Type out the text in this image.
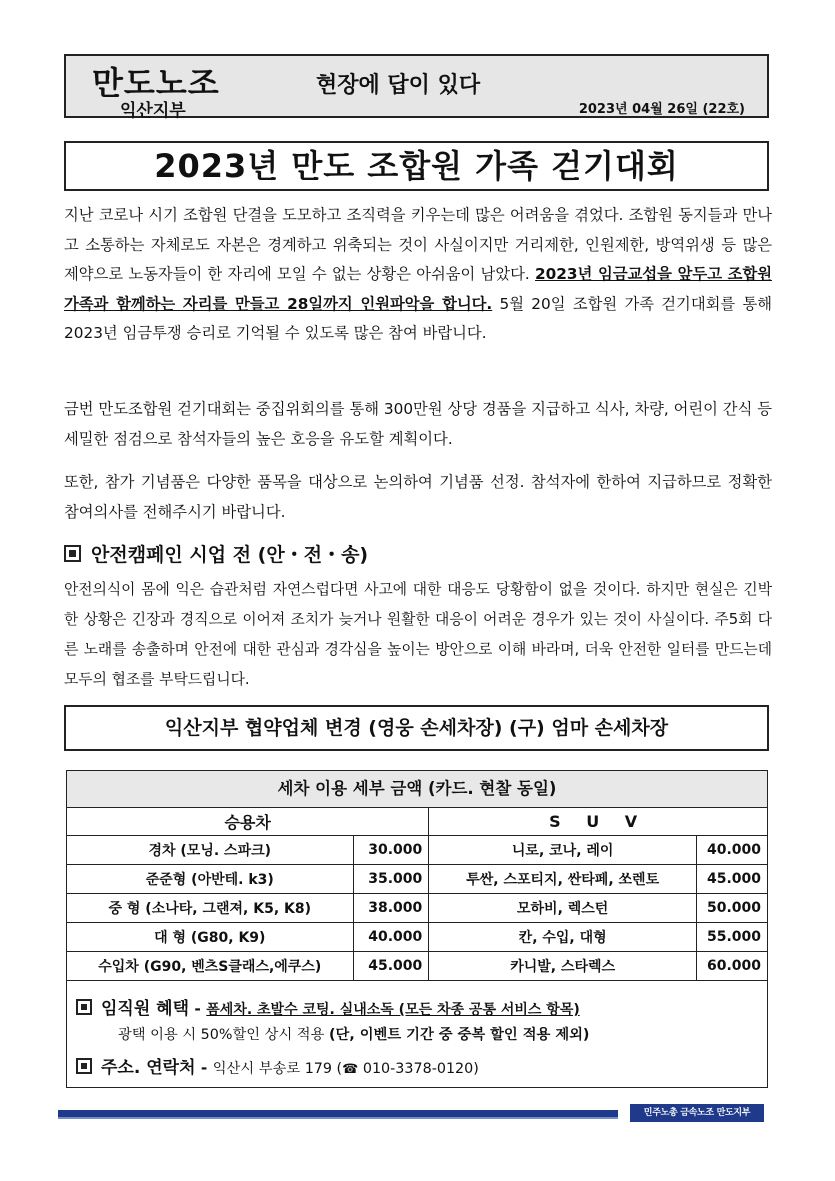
만도노조
익산지부
현장에 답이 있다
2023년 04월 26일 (22호)
2023년 만도 조합원 가족 걷기대회

지난 코로나 시기 조합원 단결을 도모하고 조직력을 키우는데 많은 어려움을 겪었다. 조합원 동지들과 만나고 소통하는 자체로도 자본은 경계하고 위축되는 것이 사실이지만 거리제한, 인원제한, 방역위생 등 많은 제약으로 노동자들이 한 자리에 모일 수 없는 상황은 아쉬움이 남았다. 2023년 임금교섭을 앞두고 조합원 가족과 함께하는 자리를 만들고 28일까지 인원파악을 합니다. 5월 20일 조합원 가족 걷기대회를 통해 2023년 임금투쟁 승리로 기억될 수 있도록 많은 참여 바랍니다.

금번 만도조합원 걷기대회는 중집위회의를 통해 300만원 상당 경품을 지급하고 식사, 차량, 어린이 간식 등 세밀한 점검으로 참석자들의 높은 호응을 유도할 계획이다.

또한, 참가 기념품은 다양한 품목을 대상으로 논의하여 기념품 선정. 참석자에 한하여 지급하므로 정확한 참여의사를 전해주시기 바랍니다.

안전캠페인 시업 전 (안・전・송)

안전의식이 몸에 익은 습관처럼 자연스럽다면 사고에 대한 대응도 당황함이 없을 것이다. 하지만 현실은 긴박한 상황은 긴장과 경직으로 이어져 조치가 늦거나 원활한 대응이 어려운 경우가 있는 것이 사실이다. 주5회 다른 노래를 송출하며 안전에 대한 관심과 경각심을 높이는 방안으로 이해 바라며, 더욱 안전한 일터를 만드는데 모두의 협조를 부탁드립니다.

익산지부 협약업체 변경 (영웅 손세차장) (구) 엄마 손세차장
세차 이용 세부 금액 (카드. 현찰 동일)
승용차		S U V	
경차 (모닝. 스파크)	30.000	니로, 코나, 레이	40.000
준준형 (아반테. k3)	35.000	투싼, 스포티지, 싼타페, 쏘렌토	45.000
중 형 (소나타, 그랜져, K5, K8)	38.000	모하비, 렉스턴	50.000
대 형 (G80, K9)	40.000	칸, 수입, 대형	55.000
수입차 (G90, 벤츠S클래스,에쿠스)	45.000	카니발, 스타렉스	60.000
임직원 혜택 - 폼세차. 초발수 코팅. 실내소독 (모든 차종 공통 서비스 항목)
광택 이용 시 50%할인 상시 적용 (단, 이벤트 기간 중 중복 할인 적용 제외)
주소. 연락처 - 익산시 부송로 179 (☎ 010-3378-0120)
민주노총 금속노조 만도지부
